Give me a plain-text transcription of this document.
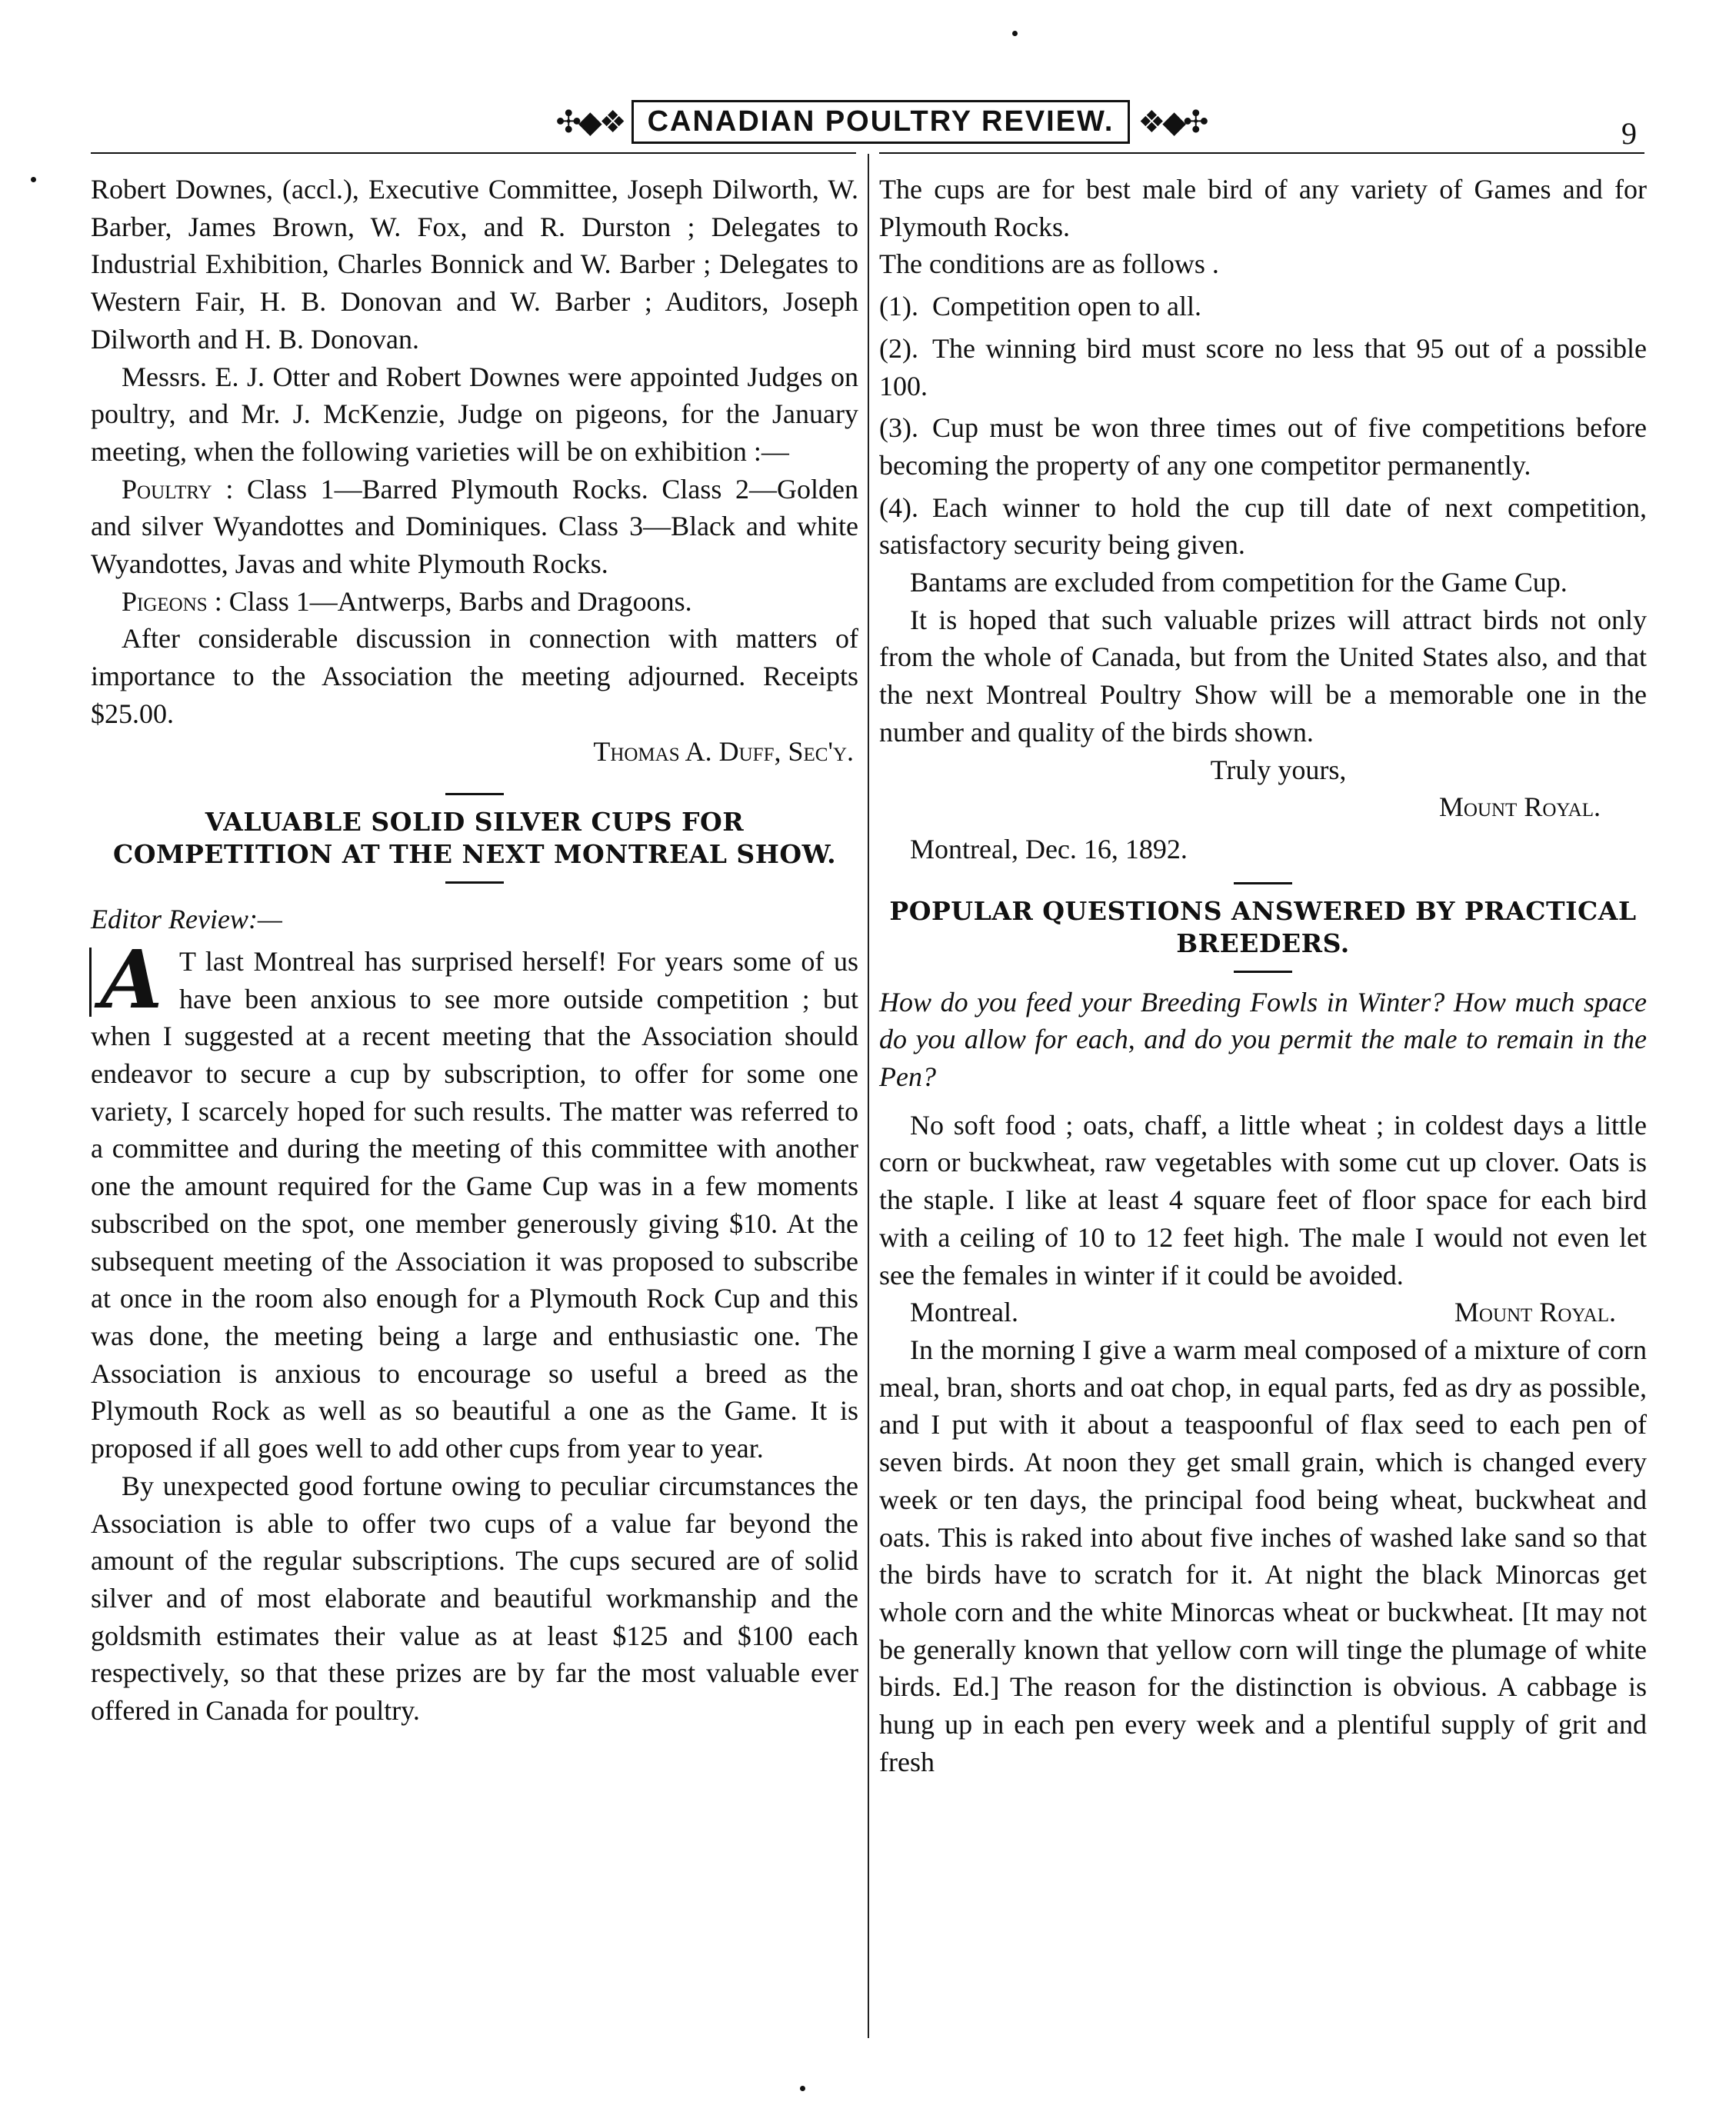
✣◆❖ CANADIAN POULTRY REVIEW. ❖◆✣	9

Robert Downes, (accl.), Executive Committee, Joseph Dilworth, W. Barber, James Brown, W. Fox, and R. Durston ; Delegates to Industrial Exhibition, Charles Bonnick and W. Barber ; Delegates to Western Fair, H. B. Donovan and W. Barber ; Auditors, Joseph Dilworth and H. B. Donovan.

Messrs. E. J. Otter and Robert Downes were appointed Judges on poultry, and Mr. J. McKenzie, Judge on pigeons, for the January meeting, when the following varieties will be on exhibition :—

Poultry : Class 1—Barred Plymouth Rocks. Class 2—Golden and silver Wyandottes and Dominiques. Class 3—Black and white Wyandottes, Javas and white Plymouth Rocks.

Pigeons : Class 1—Antwerps, Barbs and Dragoons.

After considerable discussion in connection with matters of importance to the Association the meeting adjourned. Receipts $25.00.

Thomas A. Duff, Sec'y.

VALUABLE SOLID SILVER CUPS FOR COMPETITION AT THE NEXT MONTREAL SHOW.

Editor Review:—

A T last Montreal has surprised herself! For years some of us have been anxious to see more outside competition ; but when I suggested at a recent meeting that the Association should endeavor to secure a cup by subscription, to offer for some one variety, I scarcely hoped for such results. The matter was referred to a committee and during the meeting of this committee with another one the amount required for the Game Cup was in a few moments subscribed on the spot, one member generously giving $10. At the subsequent meeting of the Association it was proposed to subscribe at once in the room also enough for a Plymouth Rock Cup and this was done, the meeting being a large and enthusiastic one. The Association is anxious to encourage so useful a breed as the Plymouth Rock as well as so beautiful a one as the Game. It is proposed if all goes well to add other cups from year to year.

By unexpected good fortune owing to peculiar circumstances the Association is able to offer two cups of a value far beyond the amount of the regular subscriptions. The cups secured are of solid silver and of most elaborate and beautiful workmanship and the goldsmith estimates their value as at least $125 and $100 each respectively, so that these prizes are by far the most valuable ever offered in Canada for poultry.

The cups are for best male bird of any variety of Games and for Plymouth Rocks.

The conditions are as follows .

(1). Competition open to all.

(2). The winning bird must score no less that 95 out of a possible 100.

(3). Cup must be won three times out of five competitions before becoming the property of any one competitor permanently.

(4). Each winner to hold the cup till date of next competition, satisfactory security being given.

Bantams are excluded from competition for the Game Cup.

It is hoped that such valuable prizes will attract birds not only from the whole of Canada, but from the United States also, and that the next Montreal Poultry Show will be a memorable one in the number and quality of the birds shown.

Truly yours,

Mount Royal.

Montreal, Dec. 16, 1892.

POPULAR QUESTIONS ANSWERED BY PRACTICAL BREEDERS.

How do you feed your Breeding Fowls in Winter? How much space do you allow for each, and do you permit the male to remain in the Pen?

No soft food ; oats, chaff, a little wheat ; in coldest days a little corn or buckwheat, raw vegetables with some cut up clover. Oats is the staple. I like at least 4 square feet of floor space for each bird with a ceiling of 10 to 12 feet high. The male I would not even let see the females in winter if it could be avoided.

Montreal.	Mount Royal.

In the morning I give a warm meal composed of a mixture of corn meal, bran, shorts and oat chop, in equal parts, fed as dry as possible, and I put with it about a teaspoonful of flax seed to each pen of seven birds. At noon they get small grain, which is changed every week or ten days, the principal food being wheat, buckwheat and oats. This is raked into about five inches of washed lake sand so that the birds have to scratch for it. At night the black Minorcas get whole corn and the white Minorcas wheat or buckwheat. [It may not be generally known that yellow corn will tinge the plumage of white birds. Ed.] The reason for the distinction is obvious. A cabbage is hung up in each pen every week and a plentiful supply of grit and fresh
